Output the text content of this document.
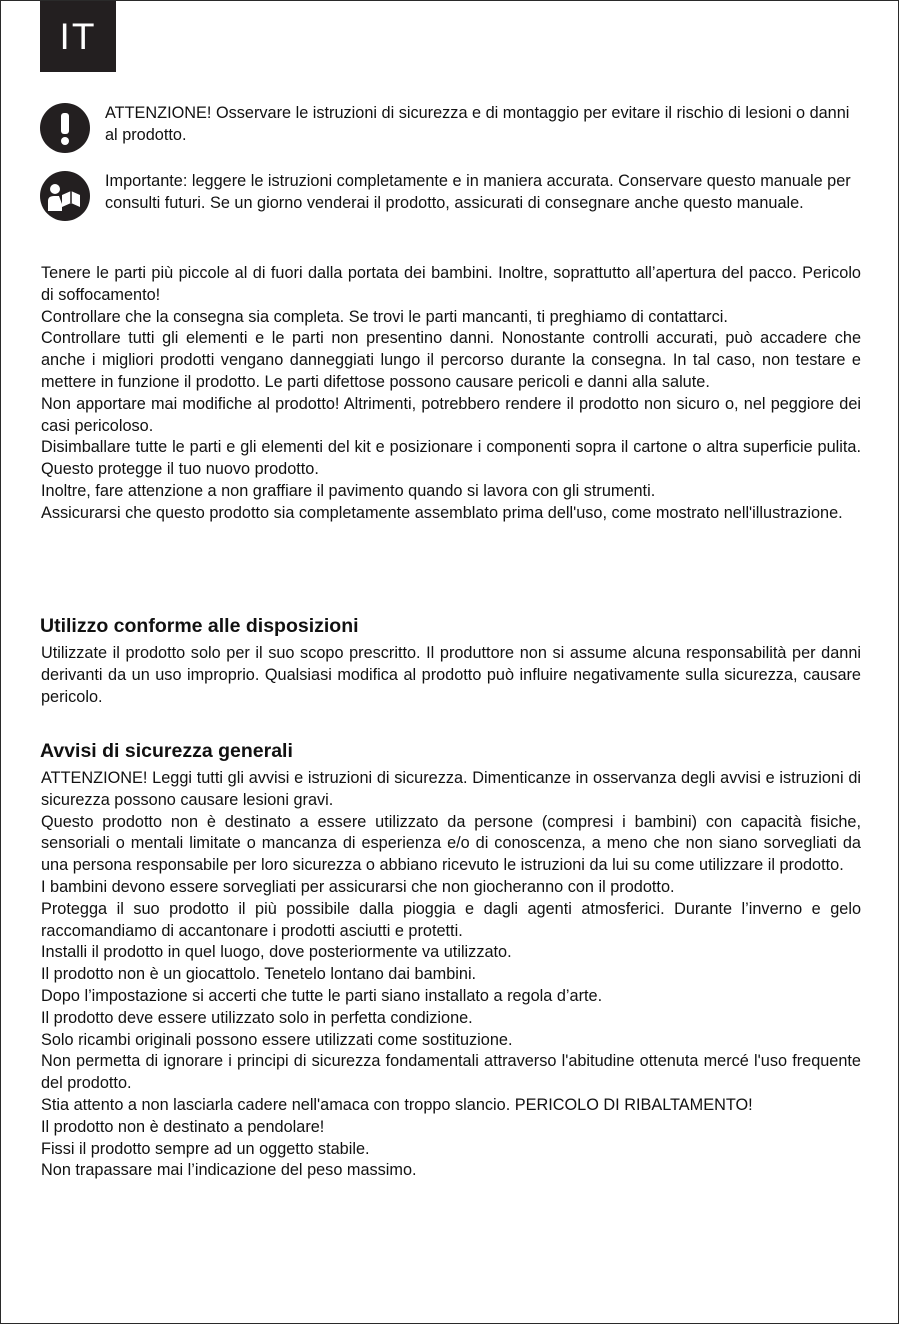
IT

ATTENZIONE! Osservare le istruzioni di sicurezza e di montaggio per evitare il rischio di lesioni o danni al prodotto.

Importante: leggere le istruzioni completamente e in maniera accurata. Conservare questo manuale per consulti futuri. Se un giorno venderai il prodotto, assicurati di consegnare anche questo manuale.

Tenere le parti più piccole al di fuori dalla portata dei bambini. Inoltre, soprattutto all’apertura del pacco. Pericolo di soffocamento!

Controllare che la consegna sia completa. Se trovi le parti mancanti, ti preghiamo di contattarci.

Controllare tutti gli elementi e le parti non presentino danni. Nonostante controlli accurati, può accadere che anche i migliori prodotti vengano danneggiati lungo il percorso durante la consegna. In tal caso, non testare e mettere in funzione il prodotto. Le parti difettose possono causare pericoli e danni alla salute.

Non apportare mai modifiche al prodotto! Altrimenti, potrebbero rendere il prodotto non sicuro o, nel peggiore dei casi pericoloso.

Disimballare tutte le parti e gli elementi del kit e posizionare i componenti sopra il cartone o altra superficie pulita. Questo protegge il tuo nuovo prodotto.

Inoltre, fare attenzione a non graffiare il pavimento quando si lavora con gli strumenti.

Assicurarsi che questo prodotto sia completamente assemblato prima dell'uso, come mostrato nell'illustrazione.

Utilizzo conforme alle disposizioni

Utilizzate il prodotto solo per il suo scopo prescritto. Il produttore non si assume alcuna responsabilità per danni derivanti da un uso improprio. Qualsiasi modifica al prodotto può influire negativamente sulla sicurezza, causare pericolo.

Avvisi di sicurezza generali

ATTENZIONE! Leggi tutti gli avvisi e istruzioni di sicurezza. Dimenticanze in osservanza degli avvisi e istruzioni di sicurezza possono causare lesioni gravi.

Questo prodotto non è destinato a essere utilizzato da persone (compresi i bambini) con capacità fisiche, sensoriali o mentali limitate o mancanza di esperienza e/o di conoscenza, a meno che non siano sorvegliati da una persona responsabile per loro sicurezza o abbiano ricevuto le istruzioni da lui su come utilizzare il prodotto.

I bambini devono essere sorvegliati per assicurarsi che non giocheranno con il prodotto.

Protegga il suo prodotto il più possibile dalla pioggia e dagli agenti atmosferici. Durante l’inverno e gelo raccomandiamo di accantonare i prodotti asciutti e protetti.

Installi il prodotto in quel luogo, dove posteriormente va utilizzato.

Il prodotto non è un giocattolo. Tenetelo lontano dai bambini.

Dopo l’impostazione si accerti che tutte le parti siano installato a regola d’arte.

Il prodotto deve essere utilizzato solo in perfetta condizione.

Solo ricambi originali possono essere utilizzati come sostituzione.

Non permetta di ignorare i principi di sicurezza fondamentali attraverso l'abitudine ottenuta mercé l'uso frequente del prodotto.

Stia attento a non lasciarla cadere nell'amaca con troppo slancio. PERICOLO DI RIBALTAMENTO!

Il prodotto non è destinato a pendolare!

Fissi il prodotto sempre ad un oggetto stabile.

Non trapassare mai l’indicazione del peso massimo.
